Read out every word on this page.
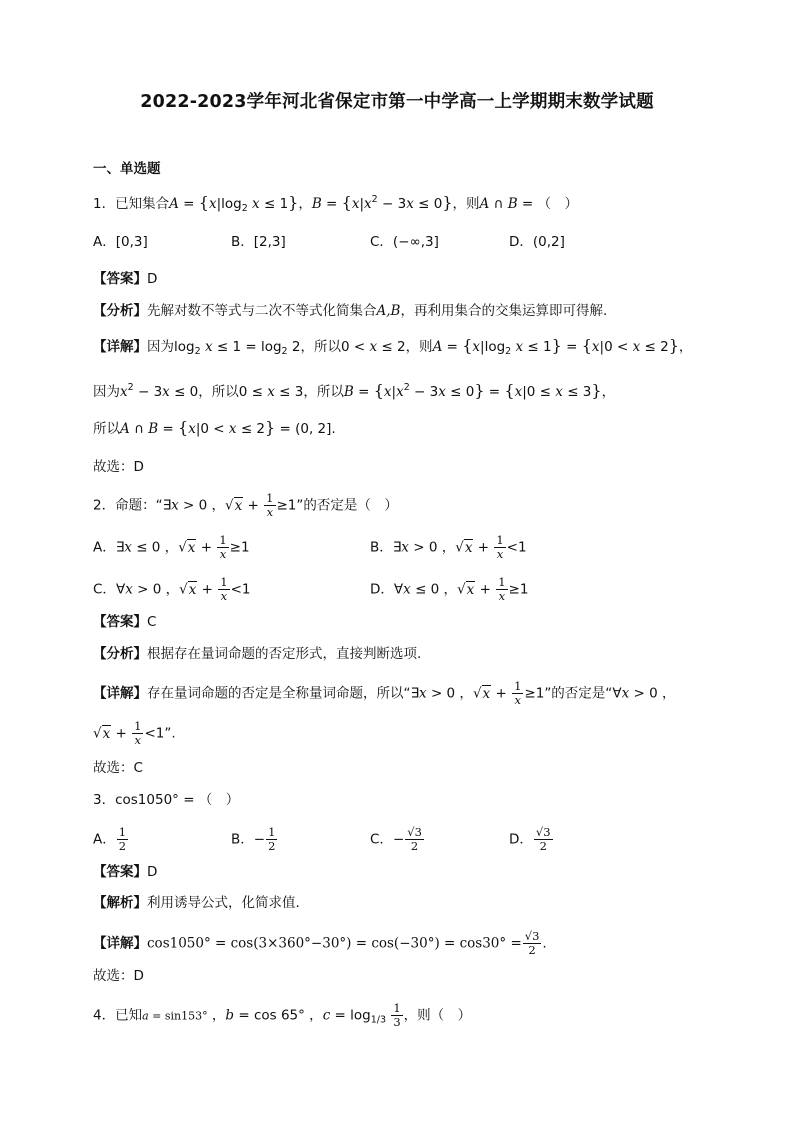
2022-2023学年河北省保定市第一中学高一上学期期末数学试题
一、单选题
1．已知集合$A = \{x|\log_2$ x ≤ 1}，$B = \{x|x^2 - 3x \le 0\}$，则A ∩ B = （　）
A．[0,3]	B．[2,3]	C．(−∞,3]	D．(0,2]
【答案】D
【分析】先解对数不等式与二次不等式化简集合A,B，再利用集合的交集运算即可得解.
【详解】因为$\log_2 x \le 1 = \log_2 2$，所以0 < x ≤ 2，则$A = \{x|\log_2$ x ≤ 1} = {x|0 < x ≤ 2}，
因为$x^2 - 3x \le 0$，所以0 ≤ x ≤ 3，所以$B = \{x|x^2 - 3x \le 0\} = \{x|0 \le x \le 3\}$，
所以A ∩ B = {x|0 < x ≤ 2} = (0, 2].
故选：D
2．命题：“∃x > 0 ，$√x + \frac{1}{x} \ge 1$”的否定是（　）
A．∃x ≤ 0 ，$√x + \frac{1}{x} \ge 1$	B．∃x > 0 ，$√x + \frac{1}{x} <1$
C．∀x > 0 ，$√x + \frac{1}{x} <1$	D．∀x ≤ 0 ，$√x + \frac{1}{x} \ge 1$
【答案】C
【分析】根据存在量词命题的否定形式，直接判断选项.
【详解】存在量词命题的否定是全称量词命题，所以“∃x > 0 ，$√x + \frac{1}{x} \ge 1$”的否定是“∀x > 0 ，
$√x + \frac{1}{x} <1$”.
故选：C
3．cos1050° = （　）
A． $\frac{1}{2}$	B．− $\frac{1}{2}$	C．− $\frac{√3}{2}$	D． $\frac{√3}{2}$
【答案】D
【解析】利用诱导公式，化简求值.
【详解】$\cos 1050^\circ = \cos(3\times 360^\circ-30^\circ) = \cos(-30^\circ) = \cos 30^\circ = \frac{√3}{2}$ .
故选：D
4．已知a = sin153° ，b = cos 65° ，$c = \log_{1/3} \frac{1}{3}$ ，则（　）
